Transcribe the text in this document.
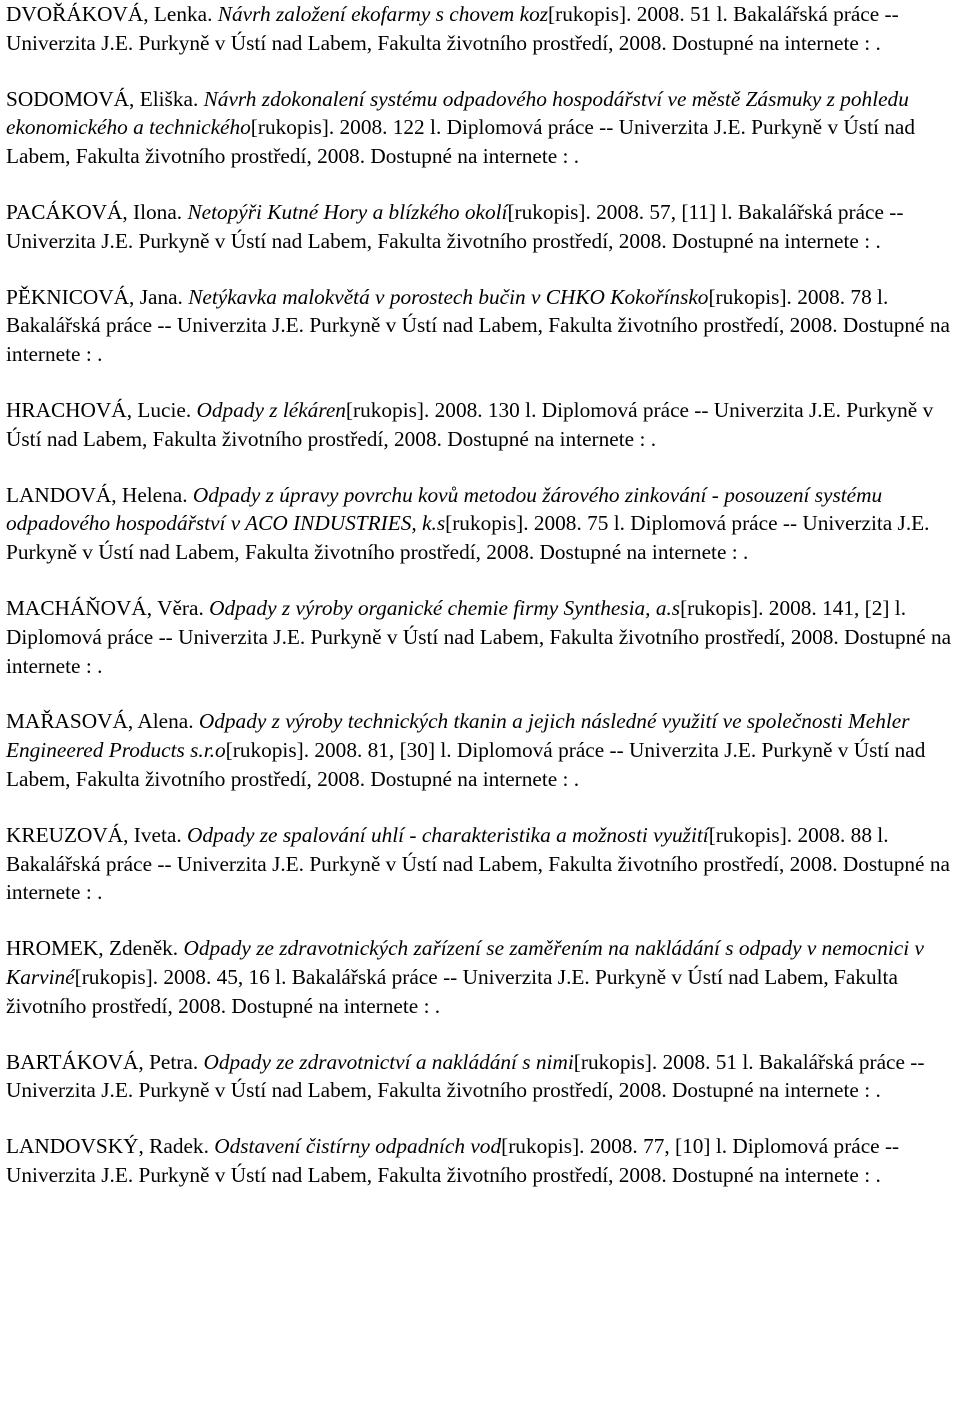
DVOŘÁKOVÁ, Lenka. Návrh založení ekofarmy s chovem koz[rukopis]. 2008. 51 l. Bakalářská práce -- Univerzita J.E. Purkyně v Ústí nad Labem, Fakulta životního prostředí, 2008. Dostupné na internete : .

SODOMOVÁ, Eliška. Návrh zdokonalení systému odpadového hospodářství ve městě Zásmuky z pohledu ekonomického a technického[rukopis]. 2008. 122 l. Diplomová práce -- Univerzita J.E. Purkyně v Ústí nad Labem, Fakulta životního prostředí, 2008. Dostupné na internete : .

PACÁKOVÁ, Ilona. Netopýři Kutné Hory a blízkého okolí[rukopis]. 2008. 57, [11] l. Bakalářská práce -- Univerzita J.E. Purkyně v Ústí nad Labem, Fakulta životního prostředí, 2008. Dostupné na internete : .

PĚKNICOVÁ, Jana. Netýkavka malokvětá v porostech bučin v CHKO Kokořínsko[rukopis]. 2008. 78 l. Bakalářská práce -- Univerzita J.E. Purkyně v Ústí nad Labem, Fakulta životního prostředí, 2008. Dostupné na internete : .

HRACHOVÁ, Lucie. Odpady z lékáren[rukopis]. 2008. 130 l. Diplomová práce -- Univerzita J.E. Purkyně v Ústí nad Labem, Fakulta životního prostředí, 2008. Dostupné na internete : .

LANDOVÁ, Helena. Odpady z úpravy povrchu kovů metodou žárového zinkování - posouzení systému odpadového hospodářství v ACO INDUSTRIES, k.s[rukopis]. 2008. 75 l. Diplomová práce -- Univerzita J.E. Purkyně v Ústí nad Labem, Fakulta životního prostředí, 2008. Dostupné na internete : .

MACHÁŇOVÁ, Věra. Odpady z výroby organické chemie firmy Synthesia, a.s[rukopis]. 2008. 141, [2] l. Diplomová práce -- Univerzita J.E. Purkyně v Ústí nad Labem, Fakulta životního prostředí, 2008. Dostupné na internete : .

MAŘASOVÁ, Alena. Odpady z výroby technických tkanin a jejich následné využití ve společnosti Mehler Engineered Products s.r.o[rukopis]. 2008. 81, [30] l. Diplomová práce -- Univerzita J.E. Purkyně v Ústí nad Labem, Fakulta životního prostředí, 2008. Dostupné na internete : .

KREUZOVÁ, Iveta. Odpady ze spalování uhlí - charakteristika a možnosti využití[rukopis]. 2008. 88 l. Bakalářská práce -- Univerzita J.E. Purkyně v Ústí nad Labem, Fakulta životního prostředí, 2008. Dostupné na internete : .

HROMEK, Zdeněk. Odpady ze zdravotnických zařízení se zaměřením na nakládání s odpady v nemocnici v Karviné[rukopis]. 2008. 45, 16 l. Bakalářská práce -- Univerzita J.E. Purkyně v Ústí nad Labem, Fakulta životního prostředí, 2008. Dostupné na internete : .

BARTÁKOVÁ, Petra. Odpady ze zdravotnictví a nakládání s nimi[rukopis]. 2008. 51 l. Bakalářská práce -- Univerzita J.E. Purkyně v Ústí nad Labem, Fakulta životního prostředí, 2008. Dostupné na internete : .

LANDOVSKÝ, Radek. Odstavení čistírny odpadních vod[rukopis]. 2008. 77, [10] l. Diplomová práce -- Univerzita J.E. Purkyně v Ústí nad Labem, Fakulta životního prostředí, 2008. Dostupné na internete : .
